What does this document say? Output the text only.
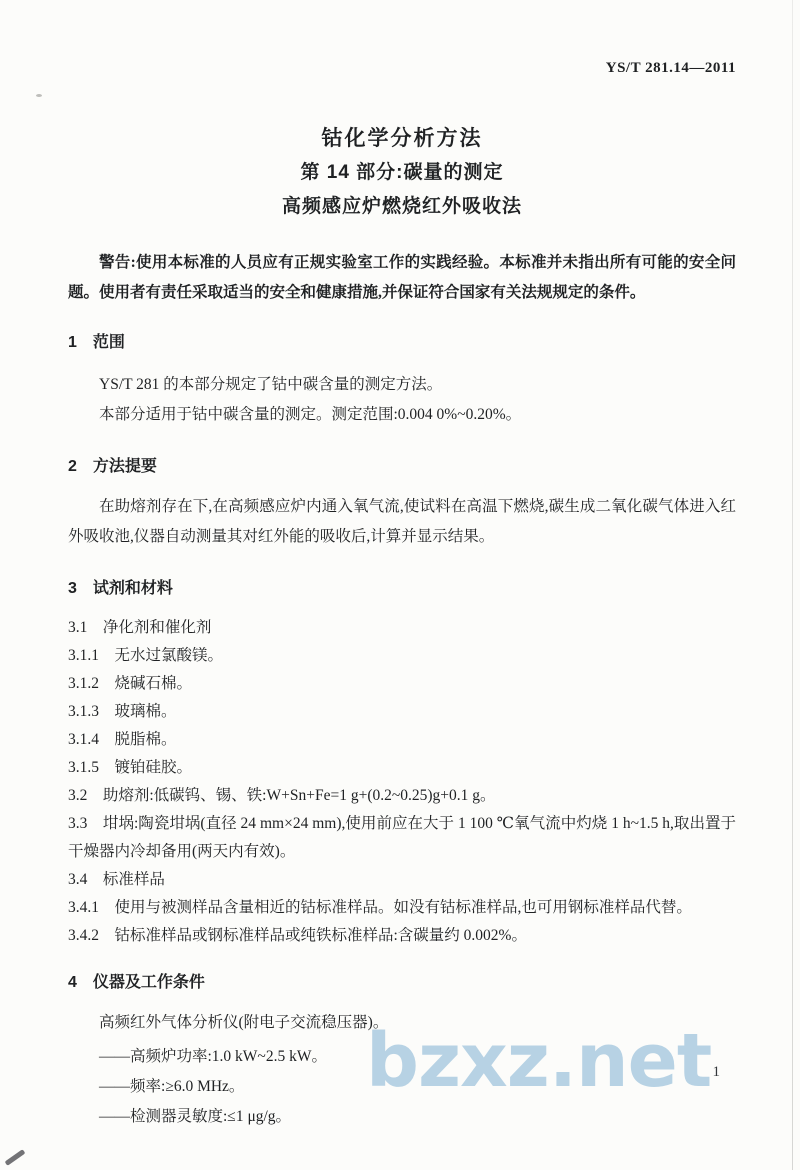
bzxz.net
YS/T 281.14—2011
钴化学分析方法
第 14 部分:碳量的测定
高频感应炉燃烧红外吸收法

警告:使用本标准的人员应有正规实验室工作的实践经验。本标准并未指出所有可能的安全问题。使用者有责任采取适当的安全和健康措施,并保证符合国家有关法规规定的条件。

1　范围

YS/T 281 的本部分规定了钴中碳含量的测定方法。

本部分适用于钴中碳含量的测定。测定范围:0.004 0%~0.20%。

2　方法提要

在助熔剂存在下,在高频感应炉内通入氧气流,使试料在高温下燃烧,碳生成二氧化碳气体进入红外吸收池,仪器自动测量其对红外能的吸收后,计算并显示结果。

3　试剂和材料

3.1　净化剂和催化剂

3.1.1　无水过氯酸镁。

3.1.2　烧碱石棉。

3.1.3　玻璃棉。

3.1.4　脱脂棉。

3.1.5　镀铂硅胶。

3.2　助熔剂:低碳钨、锡、铁:W+Sn+Fe=1 g+(0.2~0.25)g+0.1 g。

3.3　坩埚:陶瓷坩埚(直径 24 mm×24 mm),使用前应在大于 1 100 ℃氧气流中灼烧 1 h~1.5 h,取出置于干燥器内冷却备用(两天内有效)。

3.4　标准样品

3.4.1　使用与被测样品含量相近的钴标准样品。如没有钴标准样品,也可用钢标准样品代替。

3.4.2　钴标准样品或钢标准样品或纯铁标准样品:含碳量约 0.002%。

4　仪器及工作条件

高频红外气体分析仪(附电子交流稳压器)。

——高频炉功率:1.0 kW~2.5 kW。

——频率:≥6.0 MHz。

——检测器灵敏度:≤1 μg/g。

1
